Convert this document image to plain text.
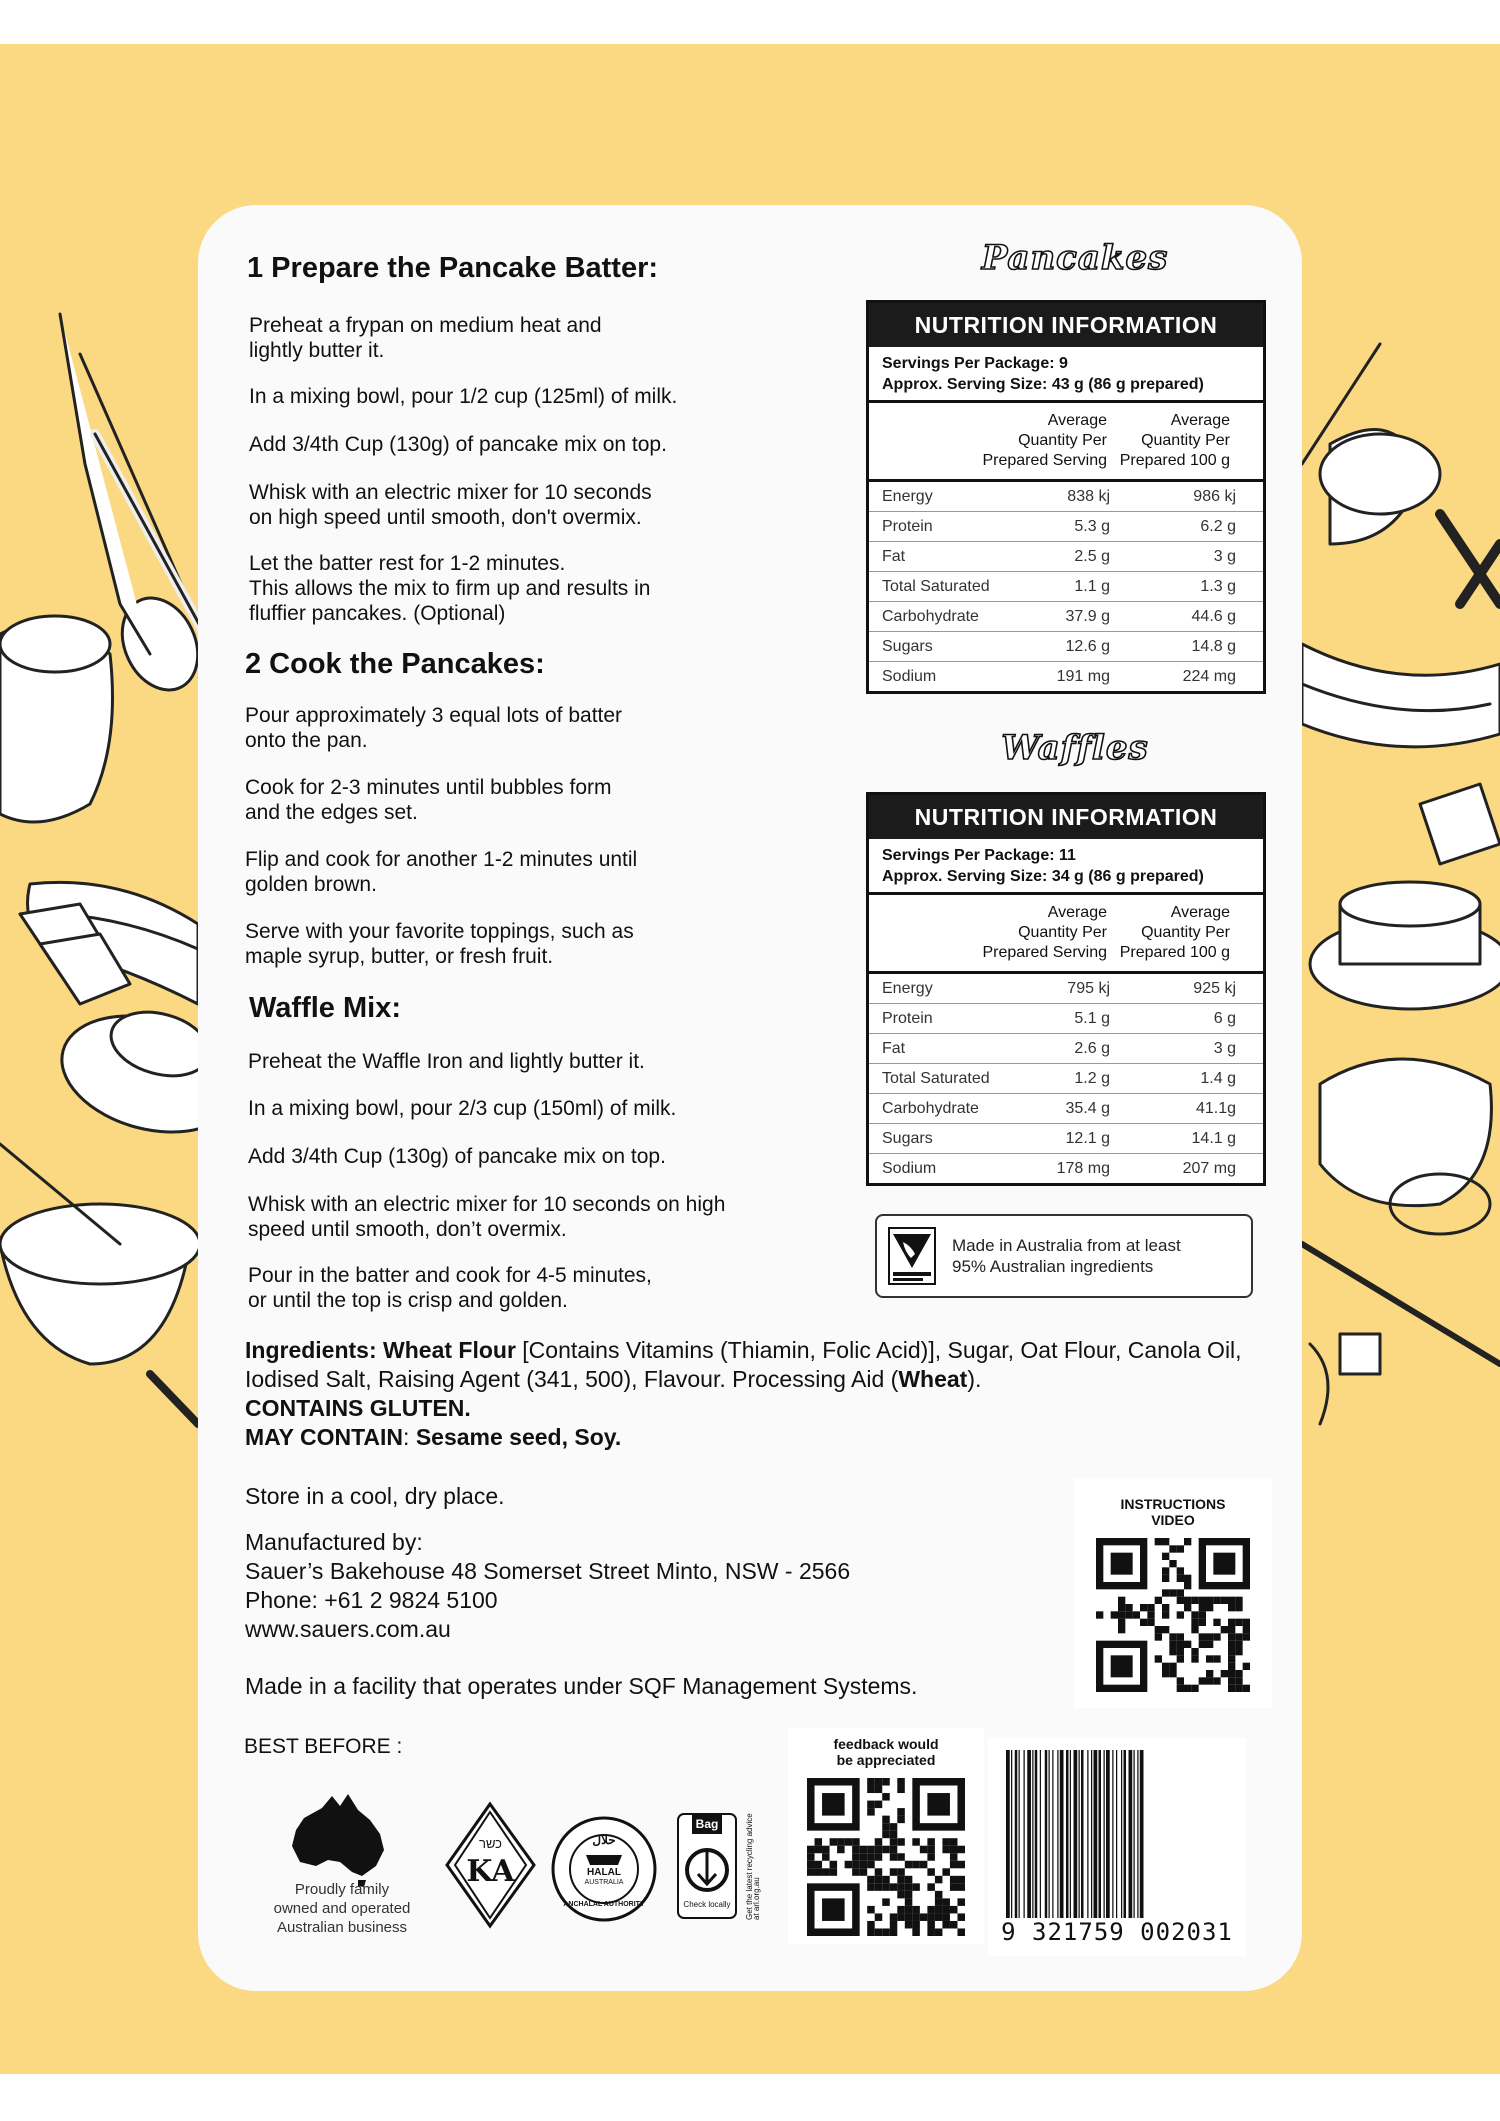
1 Prepare the Pancake Batter:
Preheat a frypan on medium heat and
lightly butter it.
In a mixing bowl, pour 1/2 cup (125ml) of milk.
Add 3/4th Cup (130g) of pancake mix on top.
Whisk with an electric mixer for 10 seconds
on high speed until smooth, don't overmix.
Let the batter rest for 1-2 minutes.
This allows the mix to firm up and results in
fluffier pancakes. (Optional)
2 Cook the Pancakes:
Pour approximately 3 equal lots of batter
onto the pan.
Cook for 2-3 minutes until bubbles form
and the edges set.
Flip and cook for another 1-2 minutes until
golden brown.
Serve with your favorite toppings, such as
maple syrup, butter, or fresh fruit.
Waffle Mix:
Preheat the Waffle Iron and lightly butter it.
In a mixing bowl, pour 2/3 cup (150ml) of milk.
Add 3/4th Cup (130g) of pancake mix on top.
Whisk with an electric mixer for 10 seconds on high
speed until smooth, don’t overmix.
Pour in the batter and cook for 4-5 minutes,
or until the top is crisp and golden.
Pancakes
NUTRITION INFORMATION
Servings Per Package: 9
Approx. Serving Size: 43 g (86 g prepared)
Average
Quantity Per
Prepared Serving
Average
Quantity Per
Prepared 100 g
Energy	838 kj	986 kj
Protein	5.3 g	6.2 g
Fat	2.5 g	3 g
Total Saturated	1.1 g	1.3 g
Carbohydrate	37.9 g	44.6 g
Sugars	12.6 g	14.8 g
Sodium	191 mg	224 mg
Waffles
NUTRITION INFORMATION
Servings Per Package: 11
Approx. Serving Size: 34 g (86 g prepared)
Average
Quantity Per
Prepared Serving
Average
Quantity Per
Prepared 100 g
Energy	795 kj	925 kj
Protein	5.1 g	6 g
Fat	2.6 g	3 g
Total Saturated	1.2 g	1.4 g
Carbohydrate	35.4 g	41.1g
Sugars	12.1 g	14.1 g
Sodium	178 mg	207 mg
Made in Australia from at least
95% Australian ingredients
Ingredients: Wheat Flour [Contains Vitamins (Thiamin, Folic Acid)], Sugar, Oat Flour, Canola Oil, Iodised Salt, Raising Agent (341, 500), Flavour. Processing Aid (Wheat).
CONTAINS GLUTEN.
MAY CONTAIN: Sesame seed, Soy.
Store in a cool, dry place.
Manufactured by:
Sauer’s Bakehouse 48 Somerset Street Minto, NSW - 2566
Phone: +61 2 9824 5100
www.sauers.com.au
Made in a facility that operates under SQF Management Systems.
INSTRUCTIONS
VIDEO
BEST BEFORE :
Proudly family
owned and operated
Australian business
כשר
KA
حلال
HALAL
AUSTRALIA
ANCHALAL AUTHORITY
Bag
Check locally	Get the latest recycling advice at arl.org.au
feedback would
be appreciated
9 321759 002031
